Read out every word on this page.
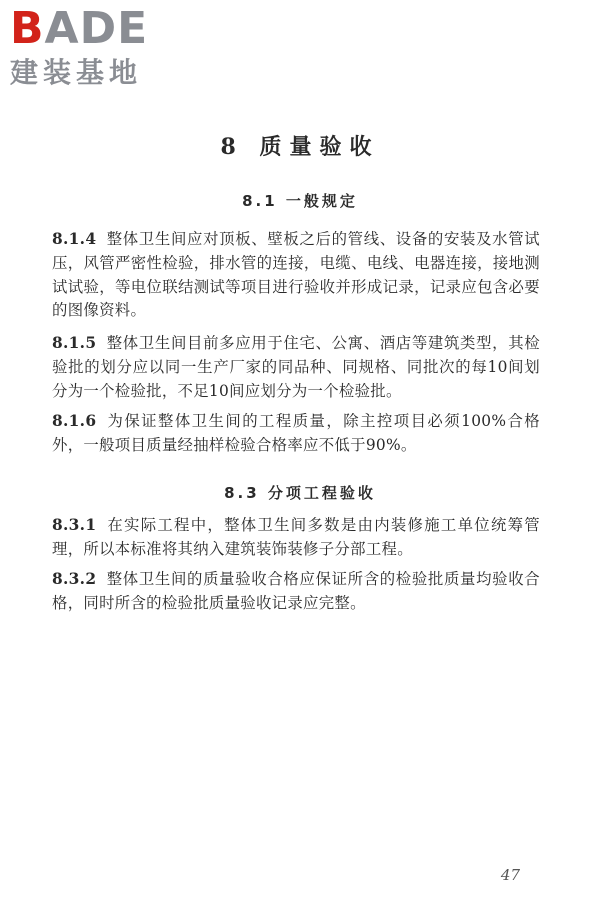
BADE
建装基地
8 质量验收
8.1 一般规定

8.1.4 整体卫生间应对顶板、壁板之后的管线、设备的安装及水管试压，风管严密性检验，排水管的连接，电缆、电线、电器连接，接地测试试验，等电位联结测试等项目进行验收并形成记录，记录应包含必要的图像资料。

8.1.5 整体卫生间目前多应用于住宅、公寓、酒店等建筑类型，其检验批的划分应以同一生产厂家的同品种、同规格、同批次的每10间划分为一个检验批，不足10间应划分为一个检验批。

8.1.6 为保证整体卫生间的工程质量，除主控项目必须100%合格外，一般项目质量经抽样检验合格率应不低于90%。

8.3 分项工程验收

8.3.1 在实际工程中，整体卫生间多数是由内装修施工单位统筹管理，所以本标准将其纳入建筑装饰装修子分部工程。

8.3.2 整体卫生间的质量验收合格应保证所含的检验批质量均验收合格，同时所含的检验批质量验收记录应完整。

47
